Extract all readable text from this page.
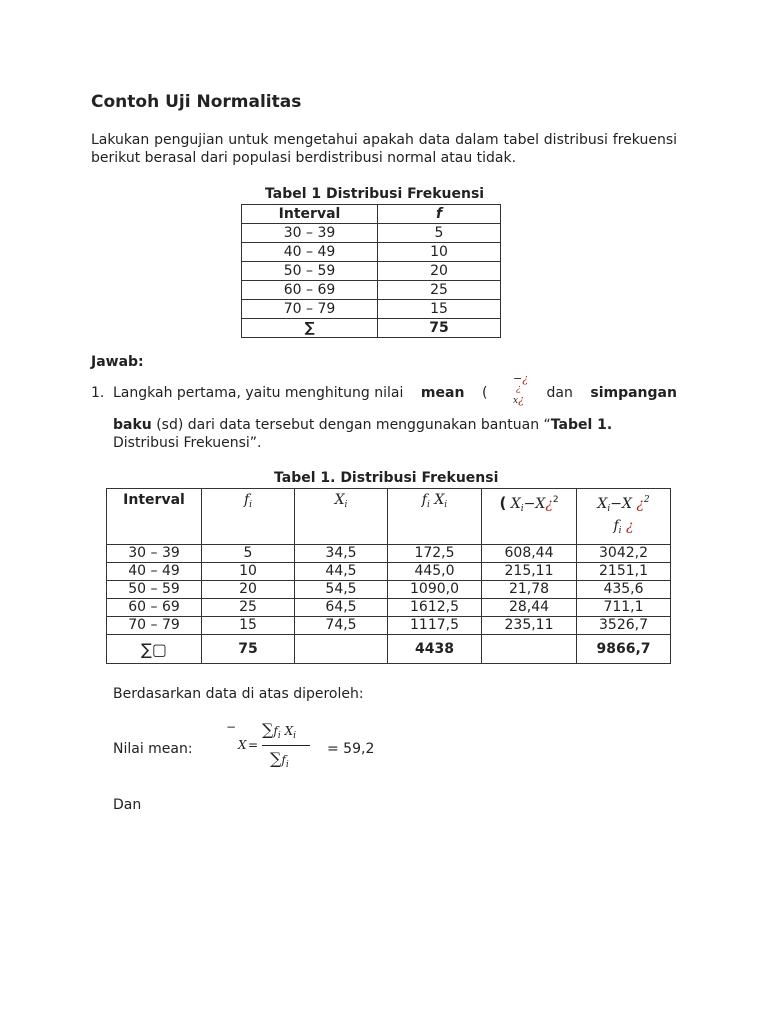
Contoh Uji Normalitas
Lakukan pengujian untuk mengetahui apakah data dalam tabel distribusi frekuensi berikut berasal dari populasi berdistribusi normal atau tidak.
Tabel 1 Distribusi Frekuensi
Interval	f
30 – 39	5
40 – 49	10
50 – 59	20
60 – 69	25
70 – 79	15
∑	75
Jawab:
1. Langkah pertama, yaitu menghitung nilai mean (	dan simpangan
−¿
¿
x¿
baku (sd) dari data tersebut dengan menggunakan bantuan “Tabel 1.
Distribusi Frekuensi”.
Tabel 1. Distribusi Frekuensi
Interval	$f_i$	$X_i$	$f_i$ $X_i$	( $X_i-X¿^2$	$X_i-X$ ¿$^2$
$f_i$ ¿
30 – 39	5	34,5	172,5	608,44	3042,2
40 – 49	10	44,5	445,0	215,11	2151,1
50 – 59	20	54,5	1090,0	21,78	435,6
60 – 69	25	64,5	1612,5	28,44	711,1
70 – 79	15	74,5	1117,5	235,11	3526,7
∑▢	75		4438		9866,7
Berdasarkan data di atas diperoleh:
Nilai mean:
−
X =
$\sum f_i$ $X_i$
$\sum f_i$
= 59,2
Dan
